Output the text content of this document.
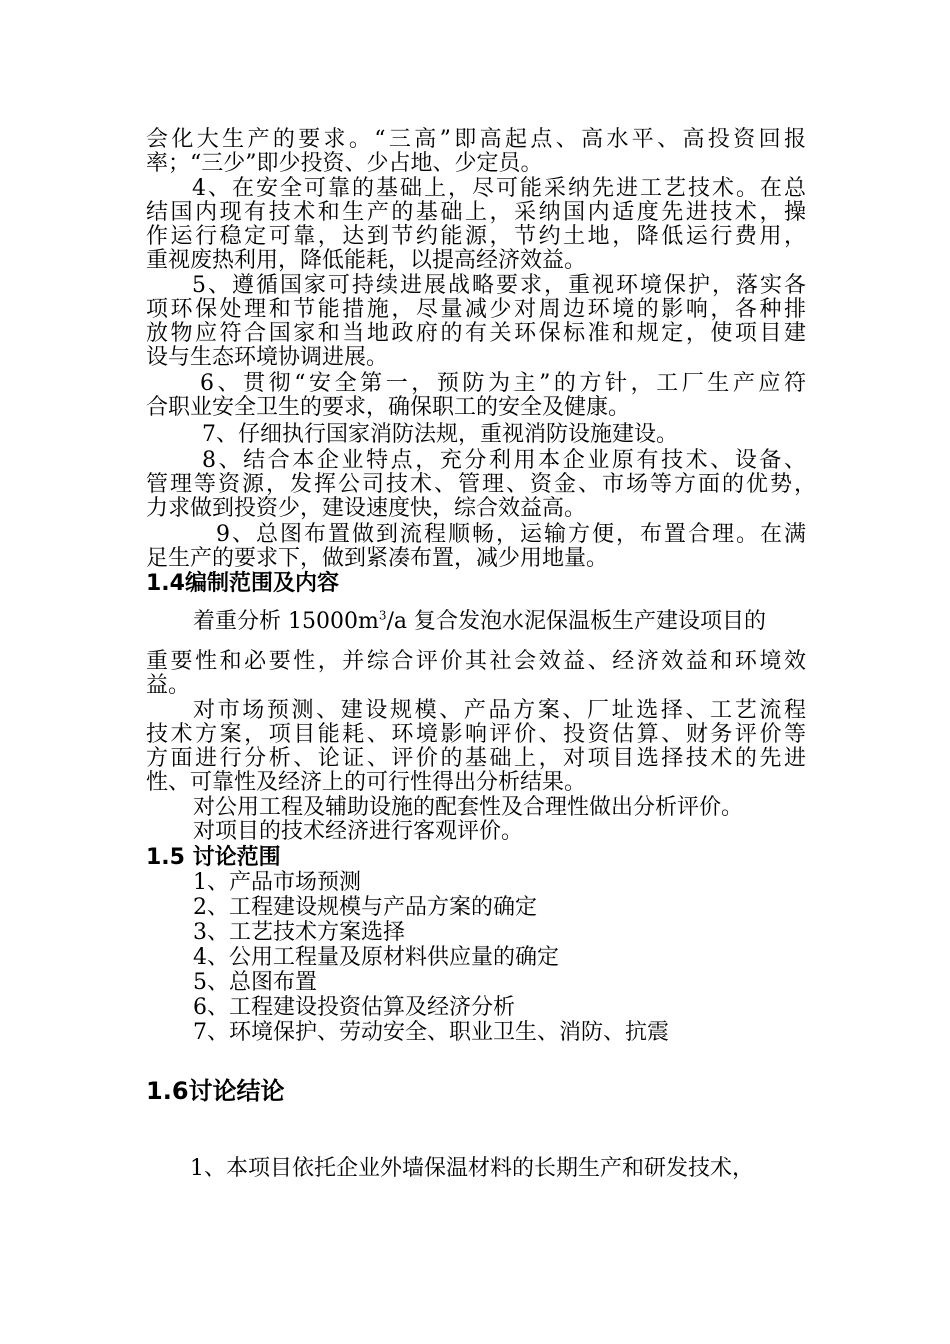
会化大生产的要求。“三高”即高起点、高水平、高投资回报
率；“三少”即少投资、少占地、少定员。
4、在安全可靠的基础上，尽可能采纳先进工艺技术。在总
结国内现有技术和生产的基础上，采纳国内适度先进技术，操
作运行稳定可靠，达到节约能源，节约土地，降低运行费用，
重视废热利用，降低能耗，以提高经济效益。
5、遵循国家可持续进展战略要求，重视环境保护，落实各
项环保处理和节能措施，尽量减少对周边环境的影响，各种排
放物应符合国家和当地政府的有关环保标准和规定，使项目建
设与生态环境协调进展。
6、贯彻“安全第一，预防为主”的方针，工厂生产应符
合职业安全卫生的要求，确保职工的安全及健康。
7、仔细执行国家消防法规，重视消防设施建设。
8、结合本企业特点，充分利用本企业原有技术、设备、
管理等资源，发挥公司技术、管理、资金、市场等方面的优势，
力求做到投资少，建设速度快，综合效益高。
9、总图布置做到流程顺畅，运输方便，布置合理。在满
足生产的要求下，做到紧凑布置，减少用地量。
1.4编制范围及内容
着重分析 $15000m^3/a$ 复合发泡水泥保温板生产建设项目的
重要性和必要性，并综合评价其社会效益、经济效益和环境效
益。
对市场预测、建设规模、产品方案、厂址选择、工艺流程
技术方案，项目能耗、环境影响评价、投资估算、财务评价等
方面进行分析、论证、评价的基础上，对项目选择技术的先进
性、可靠性及经济上的可行性得出分析结果。
对公用工程及辅助设施的配套性及合理性做出分析评价。
对项目的技术经济进行客观评价。
1.5 讨论范围
1、产品市场预测
2、工程建设规模与产品方案的确定
3、工艺技术方案选择
4、公用工程量及原材料供应量的确定
5、总图布置
6、工程建设投资估算及经济分析
7、环境保护、劳动安全、职业卫生、消防、抗震
1.6讨论结论
1、本项目依托企业外墙保温材料的长期生产和研发技术，
